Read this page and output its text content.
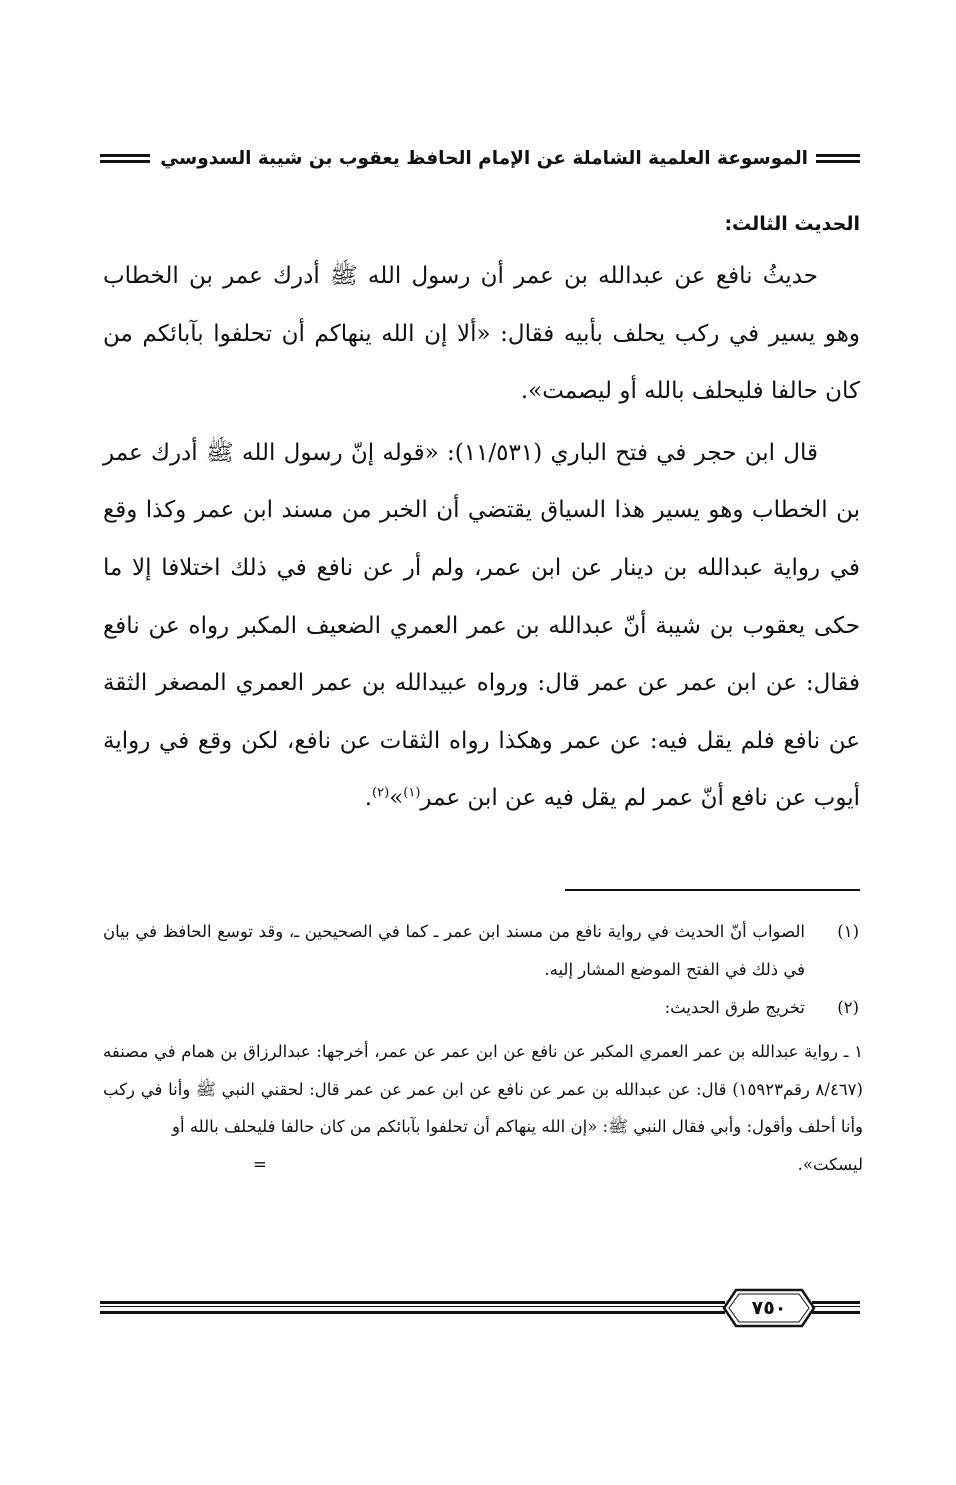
الموسوعة العلمية الشاملة عن الإمام الحافظ يعقوب بن شيبة السدوسي
الحديث الثالث:

حديثُ نافع عن عبدالله بن عمر أن رسول الله ﷺ أدرك عمر بن الخطاب وهو يسير في ركب يحلف بأبيه فقال: «ألا إن الله ينهاكم أن تحلفوا بآبائكم من كان حالفا فليحلف بالله أو ليصمت».

قال ابن حجر في فتح الباري (١١/٥٣١): «قوله إنّ رسول الله ﷺ أدرك عمر بن الخطاب وهو يسير هذا السياق يقتضي أن الخبر من مسند ابن عمر وكذا وقع في رواية عبدالله بن دينار عن ابن عمر، ولم أر عن نافع في ذلك اختلافا إلا ما حكى يعقوب بن شيبة أنّ عبدالله بن عمر العمري الضعيف المكبر رواه عن نافع فقال: عن ابن عمر عن عمر قال: ورواه عبيدالله بن عمر العمري المصغر الثقة عن نافع فلم يقل فيه: عن عمر وهكذا رواه الثقات عن نافع، لكن وقع في رواية أيوب عن نافع أنّ عمر لم يقل فيه عن ابن عمر$^{(١)}$»$^{(٢)}$.

(١)
الصواب أنّ الحديث في رواية نافع من مسند ابن عمر ـ كما في الصحيحين ـ، وقد توسع الحافظ في بيان في ذلك في الفتح الموضع المشار إليه.
(٢)
تخريج طرق الحديث:

١ ـ رواية عبدالله بن عمر العمري المكبر عن نافع عن ابن عمر عن عمر، أخرجها: عبدالرزاق بن همام في مصنفه (٨/٤٦٧ رقم١٥٩٢٣) قال: عن عبدالله بن عمر عن نافع عن ابن عمر عن عمر قال: لحقني النبي ﷺ وأنا في ركب وأنا أحلف وأقول: وأبي فقال النبي ﷺ: «إن الله ينهاكم أن تحلفوا بآبائكم من كان حالفا فليحلف بالله أو

ليسكت».
=
٧٥٠
